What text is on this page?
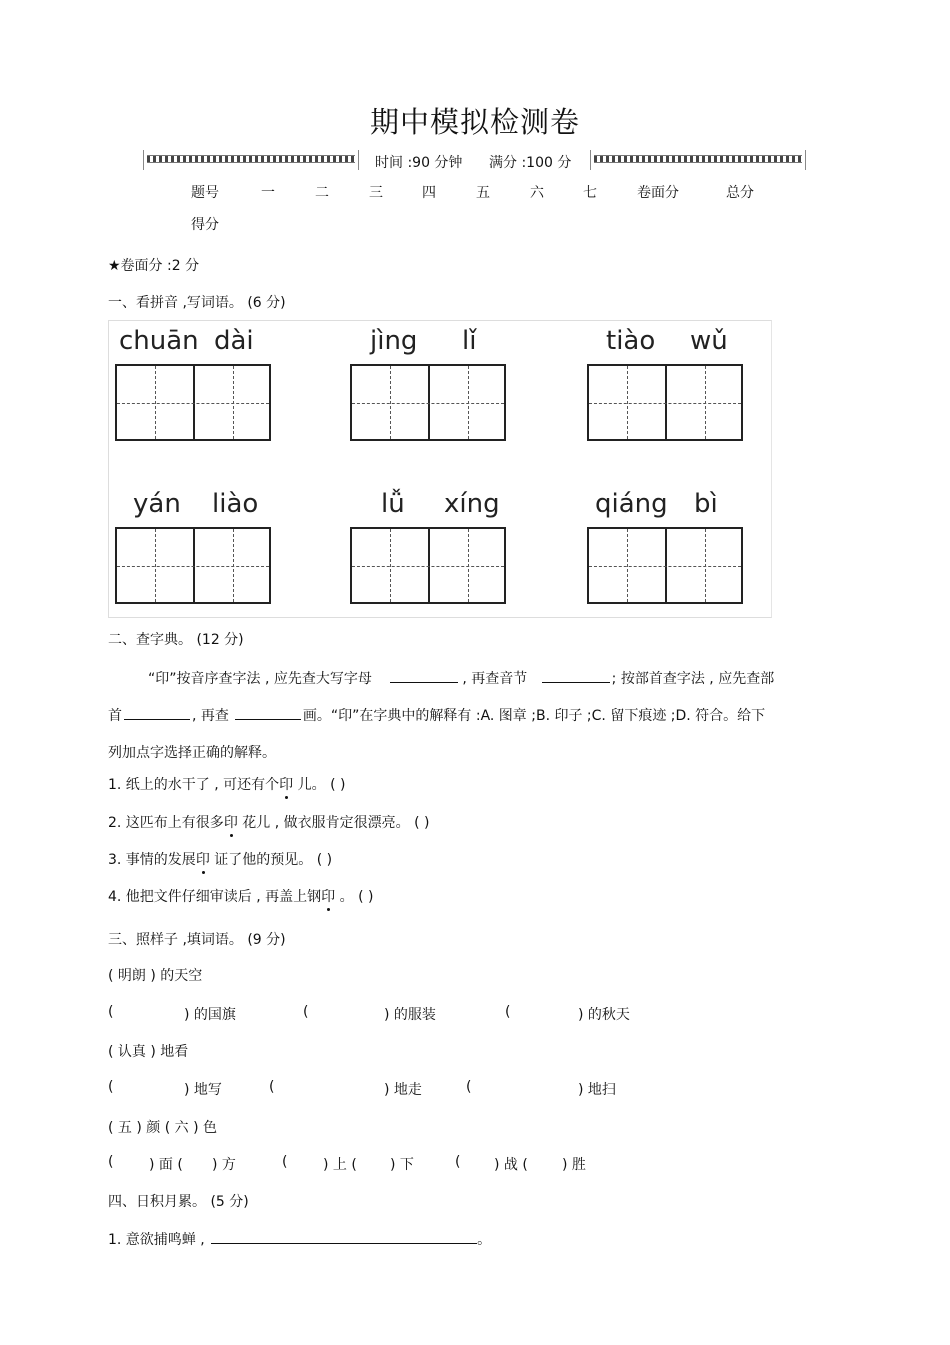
期中模拟检测卷
时间 :90 分钟 满分 :100 分
题号	一	二	三	四	五	六	七	卷面分	总分
得分
★卷面分 :2 分
一、看拼音 ,写词语。 (6 分)
chuān dài	jìng lǐ	tiào wǔ
yán liào	lǚ xíng	qiáng bì
二、查字典。 (12 分)
“印”按音序查字法 , 应先查大写字母	, 再查音节	; 按部首查字法 , 应先查部
首	, 再查	画。“印”在字典中的解释有 :A. 图章 ;B. 印子 ;C. 留下痕迹 ;D. 符合。给下
列加点字选择正确的解释。
1. 纸上的水干了 , 可还有个印 儿。 ( )
2. 这匹布上有很多印 花儿 , 做衣服肯定很漂亮。 ( )
3. 事情的发展印 证了他的预见。 ( )
4. 他把文件仔细审读后 , 再盖上钢印 。 ( )
三、照样子 ,填词语。 (9 分)
( 明朗 ) 的天空
(	) 的国旗	(	) 的服装	(	) 的秋天
( 认真 ) 地看
(	) 地写	(	) 地走	(	) 地扫
( 五 ) 颜 ( 六 ) 色
(	) 面 ( ) 方	(	) 上 ( ) 下	( ) 战 ( ) 胜
四、日积月累。 (5 分)
1. 意欲捕鸣蝉 ,	。
